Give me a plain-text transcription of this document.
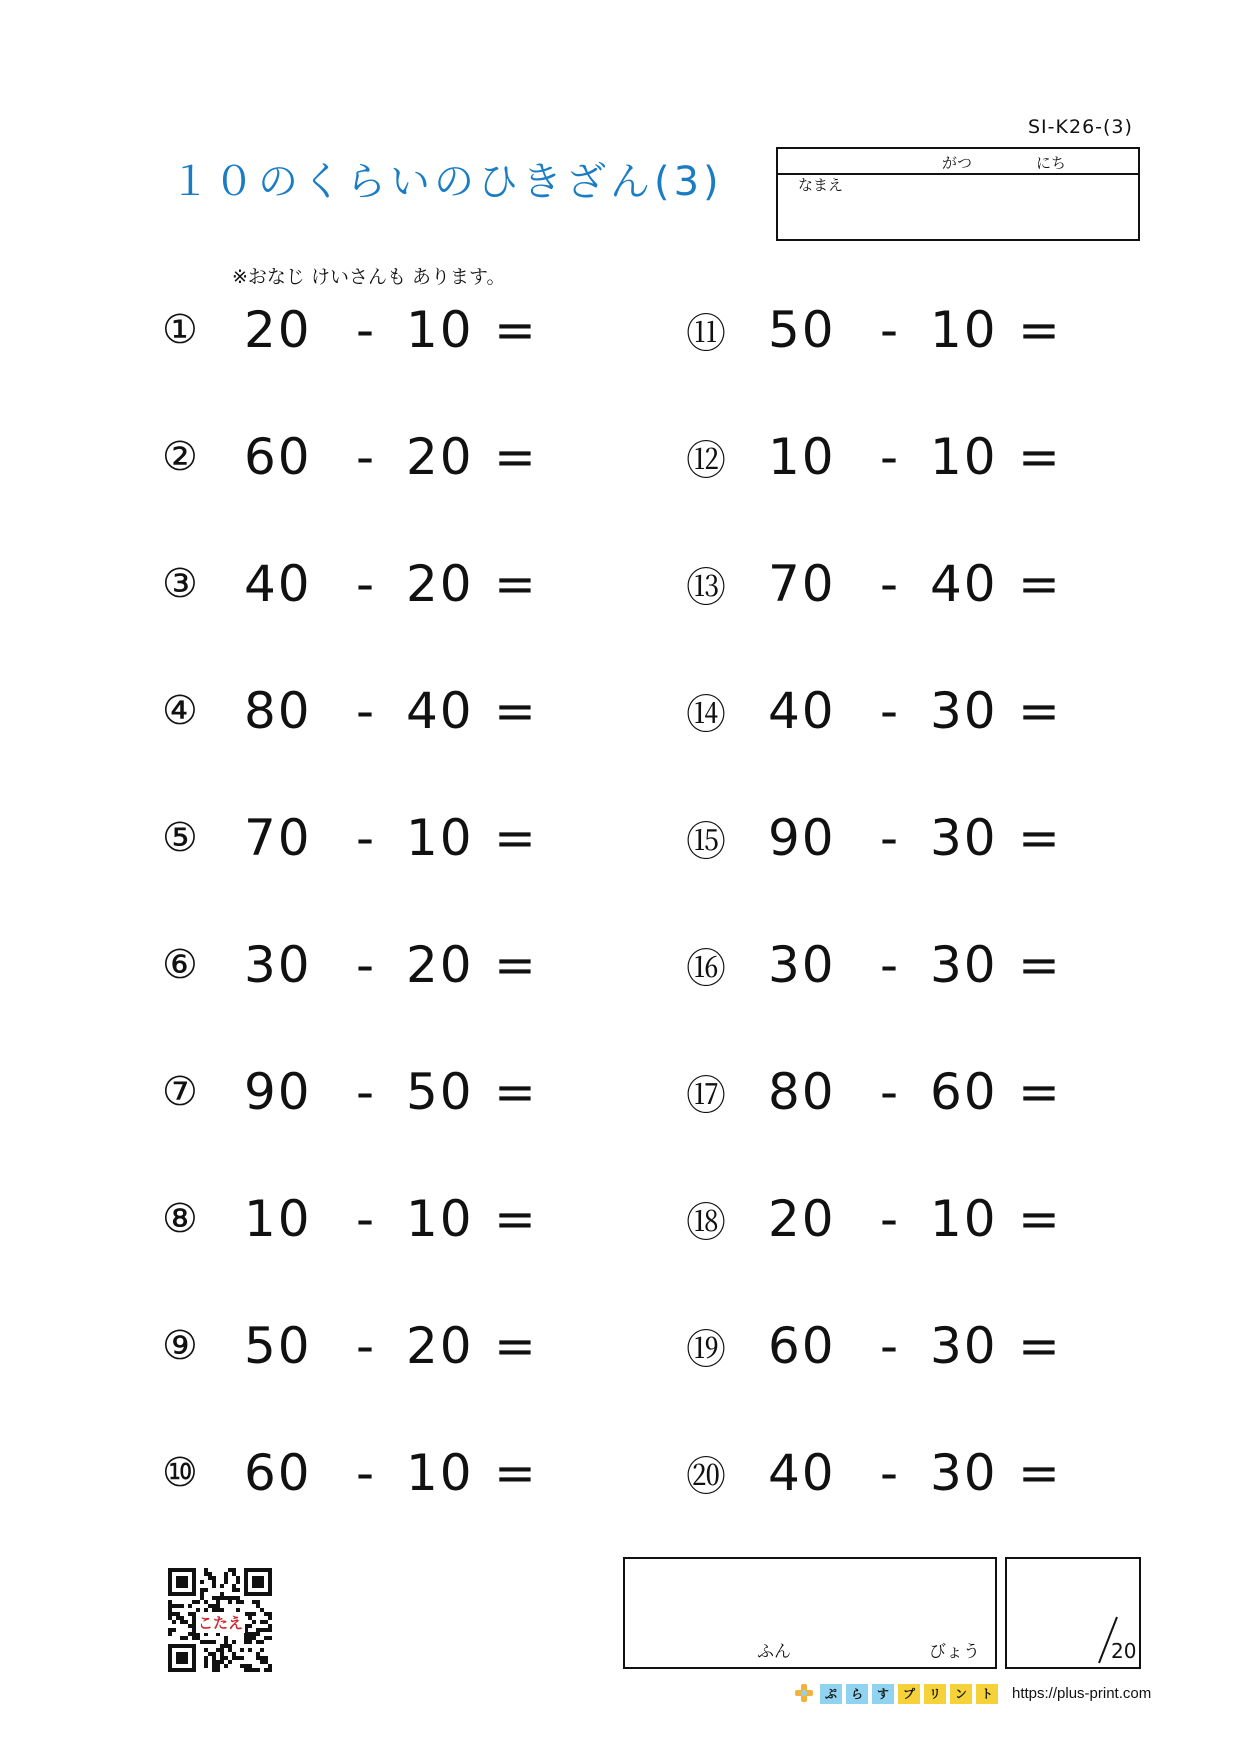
SI-K26-(3)
１０のくらいのひきざん(3)	がつ	にち
なまえ
※おなじ けいさんも あります。
① 20 - 10 =
② 60 - 20 =
③ 40 - 20 =
④ 80 - 40 =
⑤ 70 - 10 =
⑥ 30 - 20 =
⑦ 90 - 50 =
⑧ 10 - 10 =
⑨ 50 - 20 =
⑩ 60 - 10 =
⑪ 50 - 10 =
⑫ 10 - 10 =
⑬ 70 - 40 =
⑭ 40 - 30 =
⑮ 90 - 30 =
⑯ 30 - 30 =
⑰ 80 - 60 =
⑱ 20 - 10 =
⑲ 60 - 30 =
⑳ 40 - 30 =
こたえ
ふん	びょう	20
ぷ ら す プ リ ン ト	https://plus-print.com
